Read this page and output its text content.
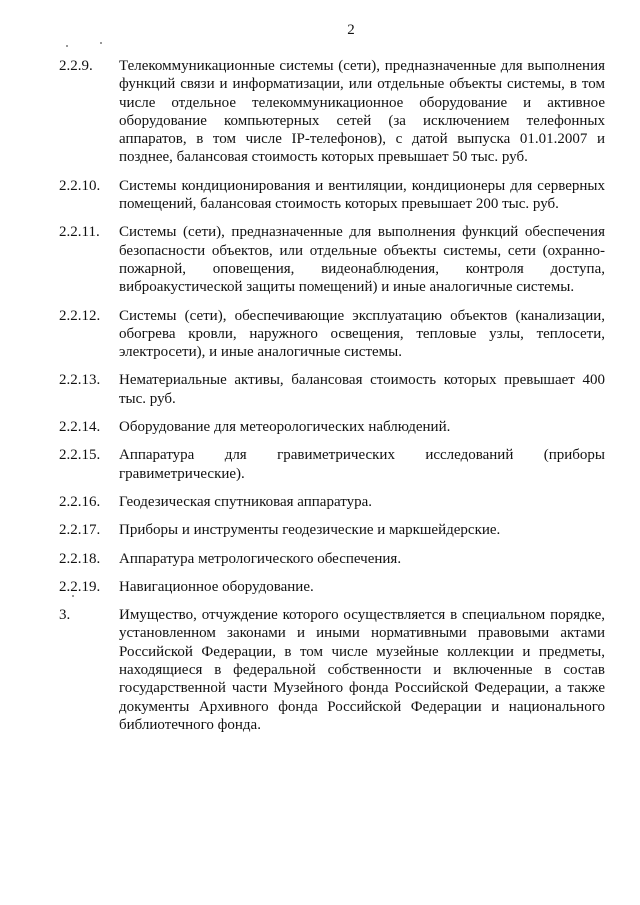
2
2.2.9.	Телекоммуникационные системы (сети), предназначенные для выполнения функций связи и информатизации, или отдельные объекты системы, в том числе отдельное телекоммуникационное оборудование и активное оборудование компьютерных сетей (за исключением телефонных аппаратов, в том числе IP-телефонов), с датой выпуска 01.01.2007 и позднее, балансовая стоимость которых превышает 50 тыс. руб.
2.2.10.	Системы кондиционирования и вентиляции, кондиционеры для серверных помещений, балансовая стоимость которых превышает 200 тыс. руб.
2.2.11.	Системы (сети), предназначенные для выполнения функций обеспечения безопасности объектов, или отдельные объекты системы, сети (охранно-пожарной, оповещения, видеонаблюдения, контроля доступа, виброакустической защиты помещений) и иные аналогичные системы.
2.2.12.	Системы (сети), обеспечивающие эксплуатацию объектов (канализации, обогрева кровли, наружного освещения, тепловые узлы, теплосети, электросети), и иные аналогичные системы.
2.2.13.	Нематериальные активы, балансовая стоимость которых превышает 400 тыс. руб.
2.2.14.	Оборудование для метеорологических наблюдений.
2.2.15.	Аппаратура для гравиметрических исследований (приборы гравиметрические).
2.2.16.	Геодезическая спутниковая аппаратура.
2.2.17.	Приборы и инструменты геодезические и маркшейдерские.
2.2.18.	Аппаратура метрологического обеспечения.
2.2.19.	Навигационное оборудование.
3.	Имущество, отчуждение которого осуществляется в специальном порядке, установленном законами и иными нормативными правовыми актами Российской Федерации, в том числе музейные коллекции и предметы, находящиеся в федеральной собственности и включенные в состав государственной части Музейного фонда Российской Федерации, а также документы Архивного фонда Российской Федерации и национального библиотечного фонда.
